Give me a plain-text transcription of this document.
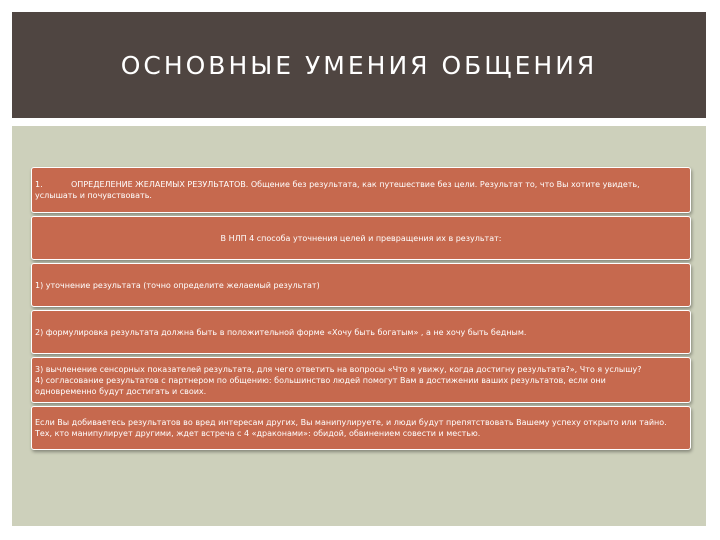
ОСНОВНЫЕ УМЕНИЯ ОБЩЕНИЯ
1.	ОПРЕДЕЛЕНИЕ ЖЕЛАЕМЫХ РЕЗУЛЬТАТОВ. Общение без результата, как путешествие без цели. Результат то, что Вы хотите увидеть,
услышать и почувствовать.
В НЛП 4 способа уточнения целей и превращения их в результат:
1) уточнение результата (точно определите желаемый результат)
2) формулировка результата должна быть в положительной форме «Хочу быть богатым» , а не хочу быть бедным.
3) вычленение сенсорных показателей результата, для чего ответить на вопросы «Что я увижу, когда достигну результата?», Что я услышу?
4) согласование результатов с партнером по общению: большинство людей помогут Вам в достижении ваших результатов, если они
одновременно будут достигать и своих.
Если Вы добиваетесь результатов во вред интересам других, Вы манипулируете, и люди будут препятствовать Вашему успеху открыто или тайно.
Тех, кто манипулирует другими, ждет встреча с 4 «драконами»: обидой, обвинением совести и местью.
